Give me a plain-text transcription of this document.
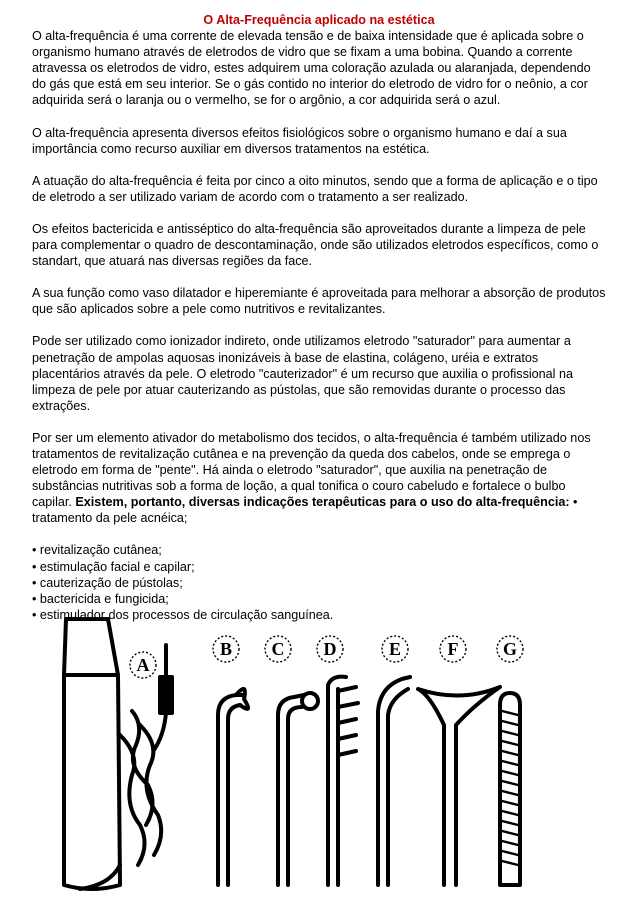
O Alta-Frequência aplicado na estética
O alta-frequência é uma corrente de elevada tensão e de baixa intensidade que é aplicada sobre o organismo humano através de eletrodos de vidro que se fixam a uma bobina. Quando a corrente atravessa os eletrodos de vidro, estes adquirem uma coloração azulada ou alaranjada, dependendo do gás que está em seu interior. Se o gás contido no interior do eletrodo de vidro for o neônio, a cor adquirida será o laranja ou o vermelho, se for o argônio, a cor adquirida será o azul.
O alta-frequência apresenta diversos efeitos fisiológicos sobre o organismo humano e daí a sua importância como recurso auxiliar em diversos tratamentos na estética.
A atuação do alta-frequência é feita por cinco a oito minutos, sendo que a forma de aplicação e o tipo de eletrodo a ser utilizado variam de acordo com o tratamento a ser realizado.
Os efeitos bactericida e antisséptico do alta-frequência são aproveitados durante a limpeza de pele para complementar o quadro de descontaminação, onde são utilizados eletrodos específicos, como o standart, que atuará nas diversas regiões da face.
A sua função como vaso dilatador e hiperemiante é aproveitada para melhorar a absorção de produtos que são aplicados sobre a pele como nutritivos e revitalizantes.
Pode ser utilizado como ionizador indireto, onde utilizamos eletrodo "saturador" para aumentar a penetração de ampolas aquosas inonizáveis à base de elastina, colágeno, uréia e extratos placentários através da pele. O eletrodo "cauterizador" é um recurso que auxilia o profissional na limpeza de pele por atuar cauterizando as pústolas, que são removidas durante o processo das extrações.
Por ser um elemento ativador do metabolismo dos tecidos, o alta-frequência é também utilizado nos tratamentos de revitalização cutânea e na prevenção da queda dos cabelos, onde se emprega o eletrodo em forma de "pente". Há ainda o eletrodo "saturador", que auxilia na penetração de substâncias nutritivas sob a forma de loção, a qual tonifica o couro cabeludo e fortalece o bulbo capilar. Existem, portanto, diversas indicações terapêuticas para o uso do alta-frequência: • tratamento da pele acnéica;
• revitalização cutânea;
• estimulação facial e capilar;
• cauterização de pústolas;
• bactericida e fungicida;
• estimulador dos processos de circulação sanguínea.
A
B C D	E	F G
